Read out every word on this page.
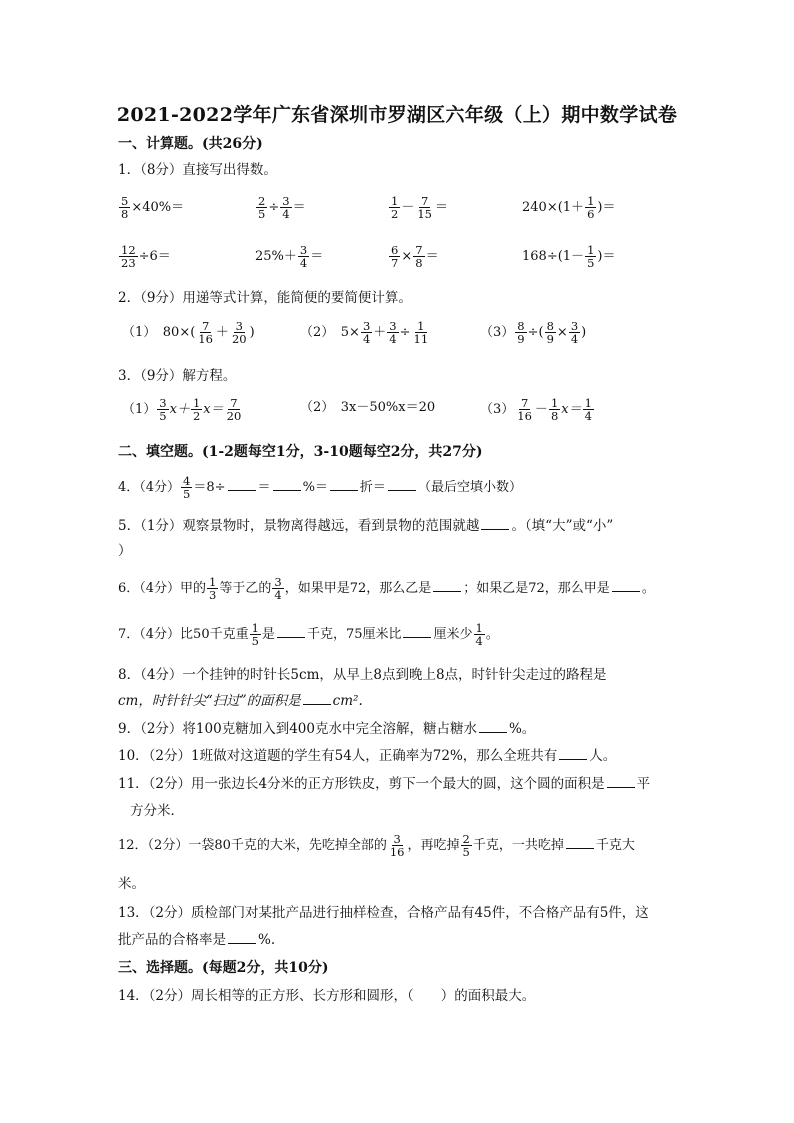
2021-2022学年广东省深圳市罗湖区六年级（上）期中数学试卷
一、计算题。(共26分)
1．（8分）直接写出得数。
$\frac{5}{8} \times 40\%=$	$\frac{2}{5} \div \frac{3}{4}$ ＝	$\frac{1}{2} - \frac{7}{15}$ ＝	$240\times(1+ \frac{1}{6}$ )＝
$\frac{12}{23} \div 6=$	$25\%+ \frac{3}{4}$ ＝	$\frac{6}{7} \times \frac{7}{8}$ ＝	$168\div(1- \frac{1}{5}$ )＝
2．（9分）用递等式计算，能简便的要简便计算。
（1）　$80\times( \frac{7}{16} + \frac{3}{20}$ )	（2）　$5\times \frac{3}{4} + \frac{3}{4} \div \frac{1}{11}$	$(3) \frac{8}{9}$ ÷( $\frac{8}{9} \times \frac{3}{4}$ )
3．（9分）解方程。
$(1) \frac{3}{5} x+ \frac{1}{2} x= \frac{7}{20}$	（2）　3x－50%x＝20	$(3) \frac{7}{16} - \frac{1}{8} x= \frac{1}{4}$
二、填空题。(1-2题每空1分，3-10题每空2分，共27分)
4．（4分） $\frac{4}{5} =8\div$ ＝ %＝ 折＝ （最后空填小数）
5．（1分）观察景物时，景物离得越远，看到景物的范围就越 。（填“大”或“小”
）
6．（4分）甲的 $\frac{1}{3}$ 等于乙的 $\frac{3}{4}$ ，如果甲是72，那么乙是 ；如果乙是72，那么甲是 。
7．（4分）比50千克重 $\frac{1}{5}$ 是 千克，75厘米比 厘米少 $\frac{1}{4}$ 。
8．（4分）一个挂钟的时针长5cm，从早上8点到晚上8点，时针针尖走过的路程是
cm，时针针尖“扫过”的面积是 cm².
9．（2分）将100克糖加入到400克水中完全溶解，糖占糖水 %。
10．（2分）1班做对这道题的学生有54人，正确率为72%，那么全班共有 人。
11．（2分）用一张边长4分米的正方形铁皮，剪下一个最大的圆，这个圆的面积是 平
方分米．
12．（2分）一袋80千克的大米，先吃掉全部的 $\frac{3}{16}$ ，再吃掉 $\frac{2}{5}$ 千克，一共吃掉 千克大
米。
13．（2分）质检部门对某批产品进行抽样检查，合格产品有45件，不合格产品有5件，这
批产品的合格率是 %.
三、选择题。(每题2分，共10分)
14．（2分）周长相等的正方形、长方形和圆形，（　　）的面积最大。
